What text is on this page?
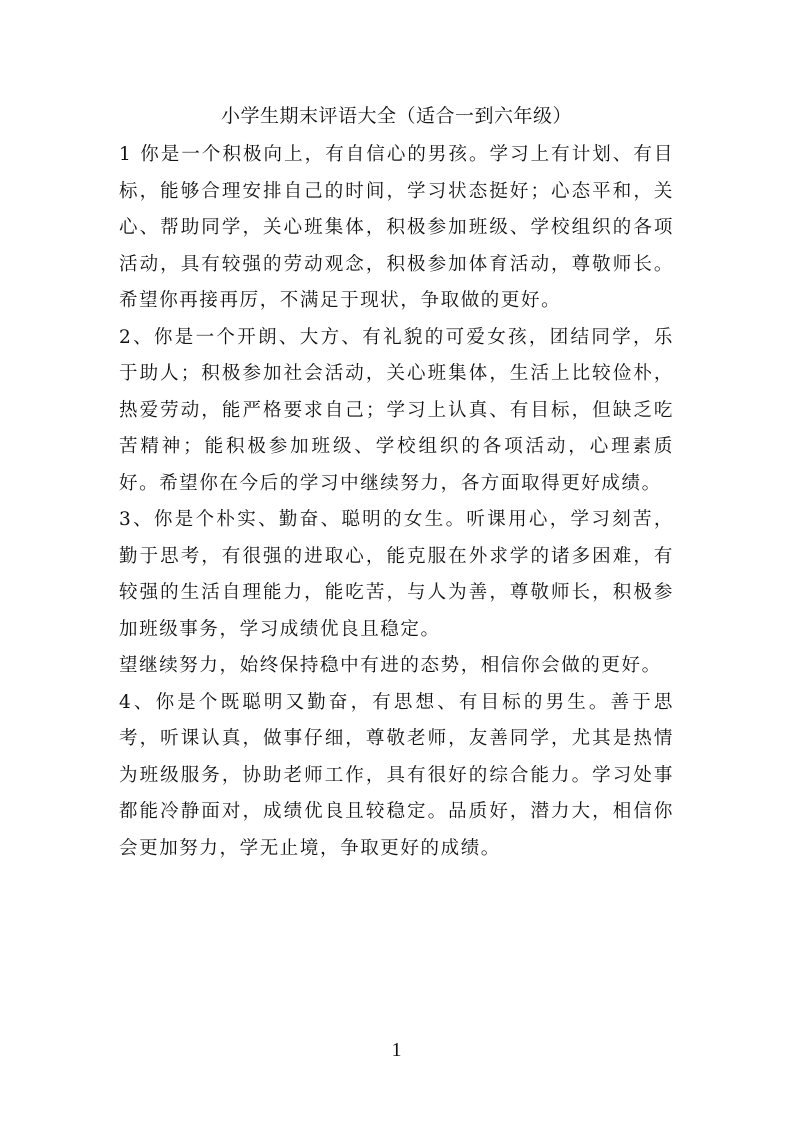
小学生期末评语大全（适合一到六年级）

1 你是一个积极向上，有自信心的男孩。学习上有计划、有目标，能够合理安排自己的时间，学习状态挺好；心态平和，关心、帮助同学，关心班集体，积极参加班级、学校组织的各项活动，具有较强的劳动观念，积极参加体育活动，尊敬师长。希望你再接再厉，不满足于现状，争取做的更好。

2、你是一个开朗、大方、有礼貌的可爱女孩，团结同学，乐于助人；积极参加社会活动，关心班集体，生活上比较俭朴，热爱劳动，能严格要求自己；学习上认真、有目标，但缺乏吃苦精神；能积极参加班级、学校组织的各项活动，心理素质好。希望你在今后的学习中继续努力，各方面取得更好成绩。

3、你是个朴实、勤奋、聪明的女生。听课用心，学习刻苦，勤于思考，有很强的进取心，能克服在外求学的诸多困难，有较强的生活自理能力，能吃苦，与人为善，尊敬师长，积极参加班级事务，学习成绩优良且稳定。

望继续努力，始终保持稳中有进的态势，相信你会做的更好。

4、你是个既聪明又勤奋，有思想、有目标的男生。善于思考，听课认真，做事仔细，尊敬老师，友善同学，尤其是热情为班级服务，协助老师工作，具有很好的综合能力。学习处事都能冷静面对，成绩优良且较稳定。品质好，潜力大，相信你会更加努力，学无止境，争取更好的成绩。

1
